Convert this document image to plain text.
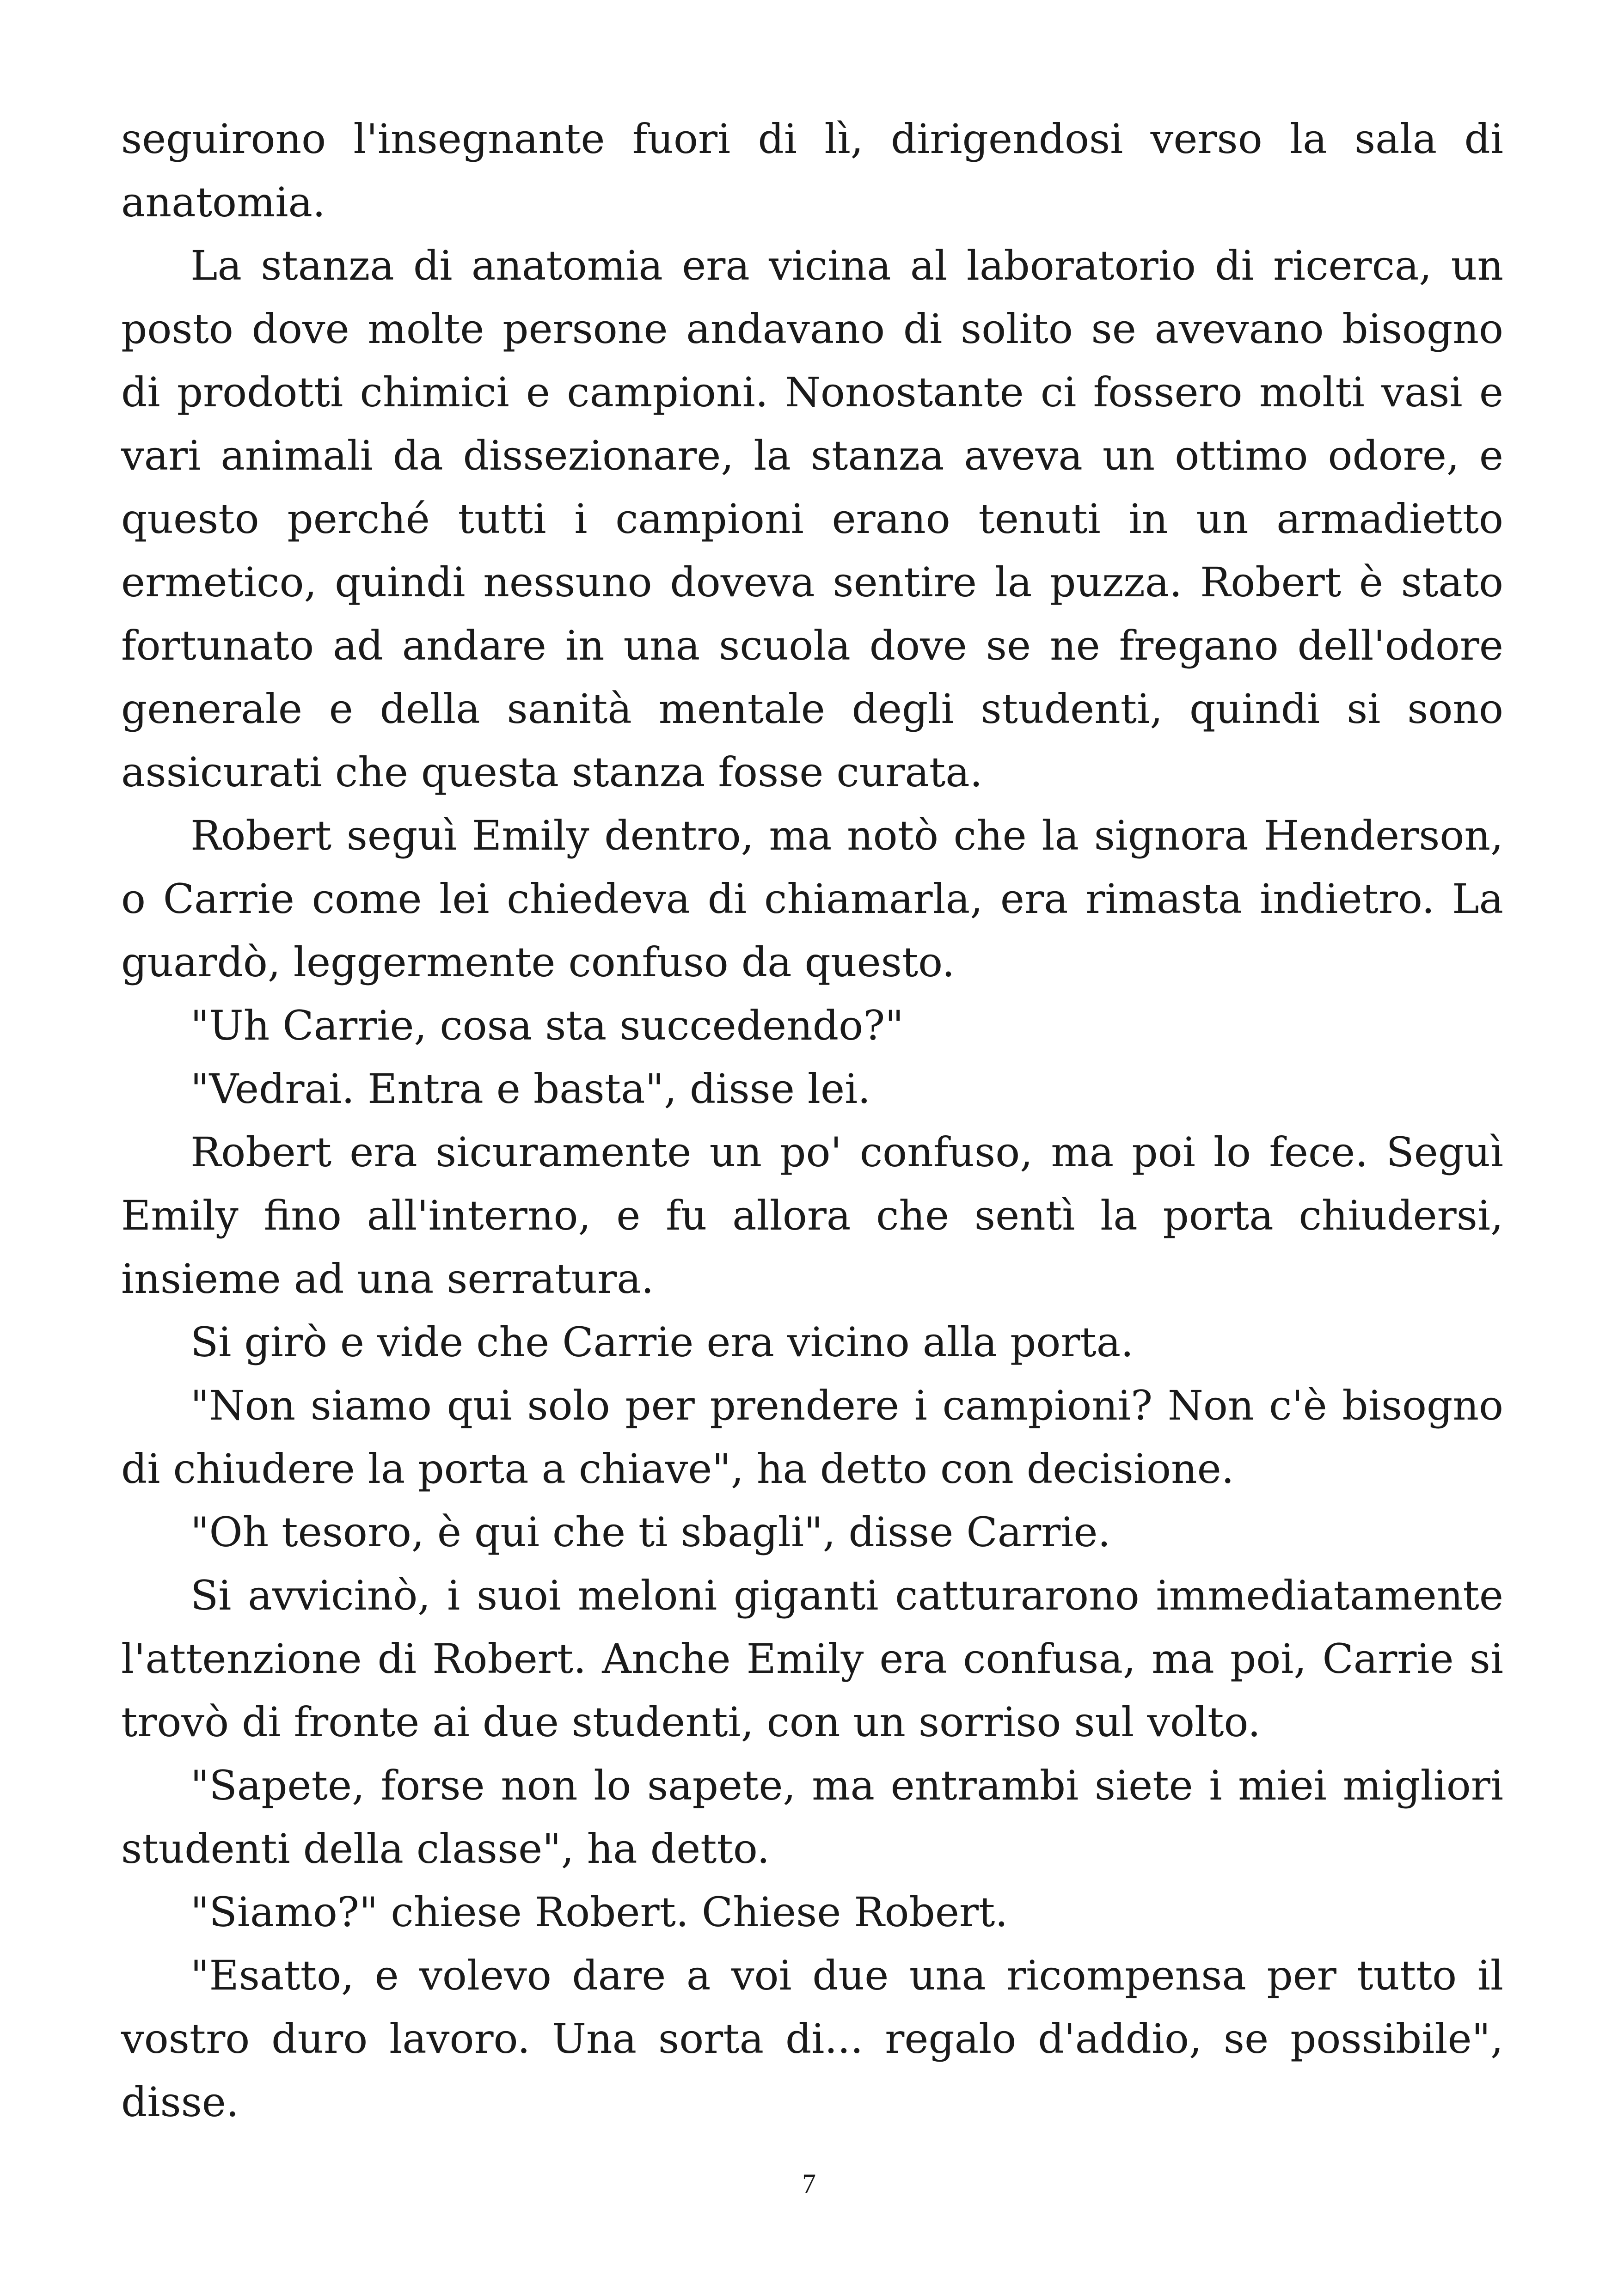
seguirono l'insegnante fuori di lì, dirigendosi verso la sala di anatomia.

La stanza di anatomia era vicina al laboratorio di ricerca, un posto dove molte persone andavano di solito se avevano bisogno di prodotti chimici e campioni. Nonostante ci fossero molti vasi e vari animali da dissezionare, la stanza aveva un ottimo odore, e questo perché tutti i campioni erano tenuti in un armadietto ermetico, quindi nessuno doveva sentire la puzza. Robert è stato fortunato ad andare in una scuola dove se ne fregano dell'odore generale e della sanità mentale degli studenti, quindi si sono assicurati che questa stanza fosse curata.

Robert seguì Emily dentro, ma notò che la signora Henderson, o Carrie come lei chiedeva di chiamarla, era rimasta indietro. La guardò, leggermente confuso da questo.

"Uh Carrie, cosa sta succedendo?"

"Vedrai. Entra e basta", disse lei.

Robert era sicuramente un po' confuso, ma poi lo fece. Seguì Emily fino all'interno, e fu allora che sentì la porta chiudersi, insieme ad una serratura.

Si girò e vide che Carrie era vicino alla porta.

"Non siamo qui solo per prendere i campioni? Non c'è bisogno di chiudere la porta a chiave", ha detto con decisione.

"Oh tesoro, è qui che ti sbagli", disse Carrie.

Si avvicinò, i suoi meloni giganti catturarono immediatamente l'attenzione di Robert. Anche Emily era confusa, ma poi, Carrie si trovò di fronte ai due studenti, con un sorriso sul volto.

"Sapete, forse non lo sapete, ma entrambi siete i miei migliori studenti della classe", ha detto.

"Siamo?" chiese Robert. Chiese Robert.

"Esatto, e volevo dare a voi due una ricompensa per tutto il vostro duro lavoro. Una sorta di... regalo d'addio, se possibile", disse.

7
